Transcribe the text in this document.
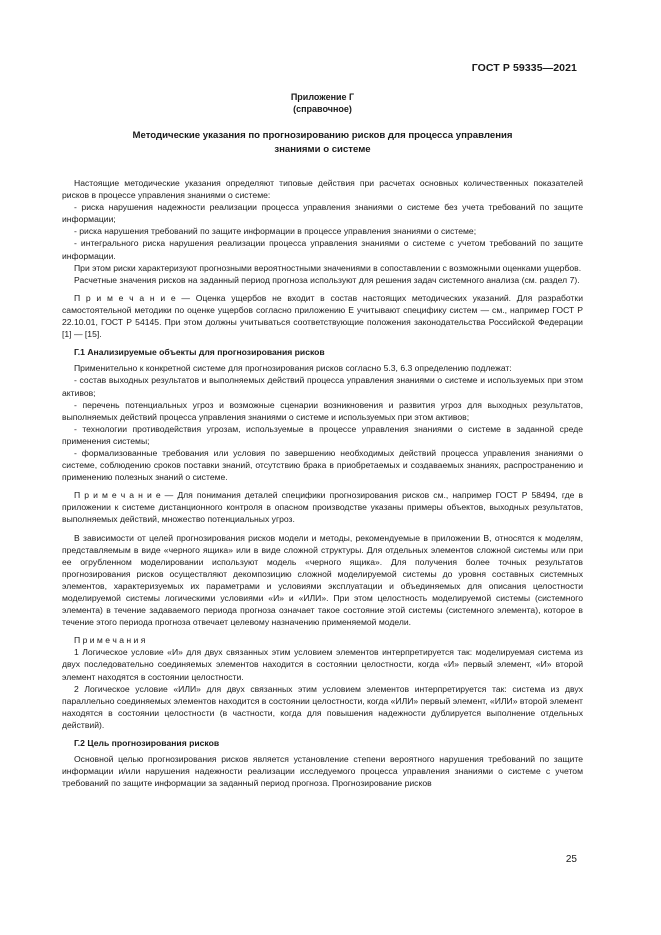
ГОСТ Р 59335—2021
Приложение Г
(справочное)
Методические указания по прогнозированию рисков для процесса управления
знаниями о системе

Настоящие методические указания определяют типовые действия при расчетах основных количественных показателей рисков в процессе управления знаниями о системе:

- риска нарушения надежности реализации процесса управления знаниями о системе без учета требований по защите информации;

- риска нарушения требований по защите информации в процессе управления знаниями о системе;

- интегрального риска нарушения реализации процесса управления знаниями о системе с учетом требований по защите информации.

При этом риски характеризуют прогнозными вероятностными значениями в сопоставлении с возможными оценками ущербов.

Расчетные значения рисков на заданный период прогноза используют для решения задач системного анализа (см. раздел 7).

П р и м е ч а н и е — Оценка ущербов не входит в состав настоящих методических указаний. Для разработки самостоятельной методики по оценке ущербов согласно приложению Е учитывают специфику систем — см., например ГОСТ Р 22.10.01, ГОСТ Р 54145. При этом должны учитываться соответствующие положения законодательства Российской Федерации [1] — [15].

Г.1 Анализируемые объекты для прогнозирования рисков

Применительно к конкретной системе для прогнозирования рисков согласно 5.3, 6.3 определению подлежат:

- состав выходных результатов и выполняемых действий процесса управления знаниями о системе и используемых при этом активов;

- перечень потенциальных угроз и возможные сценарии возникновения и развития угроз для выходных результатов, выполняемых действий процесса управления знаниями о системе и используемых при этом активов;

- технологии противодействия угрозам, используемые в процессе управления знаниями о системе в заданной среде применения системы;

- формализованные требования или условия по завершению необходимых действий процесса управления знаниями о системе, соблюдению сроков поставки знаний, отсутствию брака в приобретаемых и создаваемых знаниях, распространению и применению полезных знаний о системе.

П р и м е ч а н и е — Для понимания деталей специфики прогнозирования рисков см., например ГОСТ Р 58494, где в приложении к системе дистанционного контроля в опасном производстве указаны примеры объектов, выходных результатов, выполняемых действий, множество потенциальных угроз.

В зависимости от целей прогнозирования рисков модели и методы, рекомендуемые в приложении В, относятся к моделям, представляемым в виде «черного ящика» или в виде сложной структуры. Для отдельных элементов сложной системы или при ее огрубленном моделировании используют модель «черного ящика». Для получения более точных результатов прогнозирования рисков осуществляют декомпозицию сложной моделируемой системы до уровня составных системных элементов, характеризуемых их параметрами и условиями эксплуатации и объединяемых для описания целостности моделируемой системы логическими условиями «И» и «ИЛИ». При этом целостность моделируемой системы (системного элемента) в течение задаваемого периода прогноза означает такое состояние этой системы (системного элемента), которое в течение этого периода прогноза отвечает целевому назначению применяемой модели.

П р и м е ч а н и я

1 Логическое условие «И» для двух связанных этим условием элементов интерпретируется так: моделируемая система из двух последовательно соединяемых элементов находится в состоянии целостности, когда «И» первый элемент, «И» второй элемент находятся в состоянии целостности.

2 Логическое условие «ИЛИ» для двух связанных этим условием элементов интерпретируется так: система из двух параллельно соединяемых элементов находится в состоянии целостности, когда «ИЛИ» первый элемент, «ИЛИ» второй элемент находятся в состоянии целостности (в частности, когда для повышения надежности дублируется выполнение отдельных действий).

Г.2 Цель прогнозирования рисков

Основной целью прогнозирования рисков является установление степени вероятного нарушения требований по защите информации и/или нарушения надежности реализации исследуемого процесса управления знаниями о системе с учетом требований по защите информации за заданный период прогноза. Прогнозирование рисков

25
